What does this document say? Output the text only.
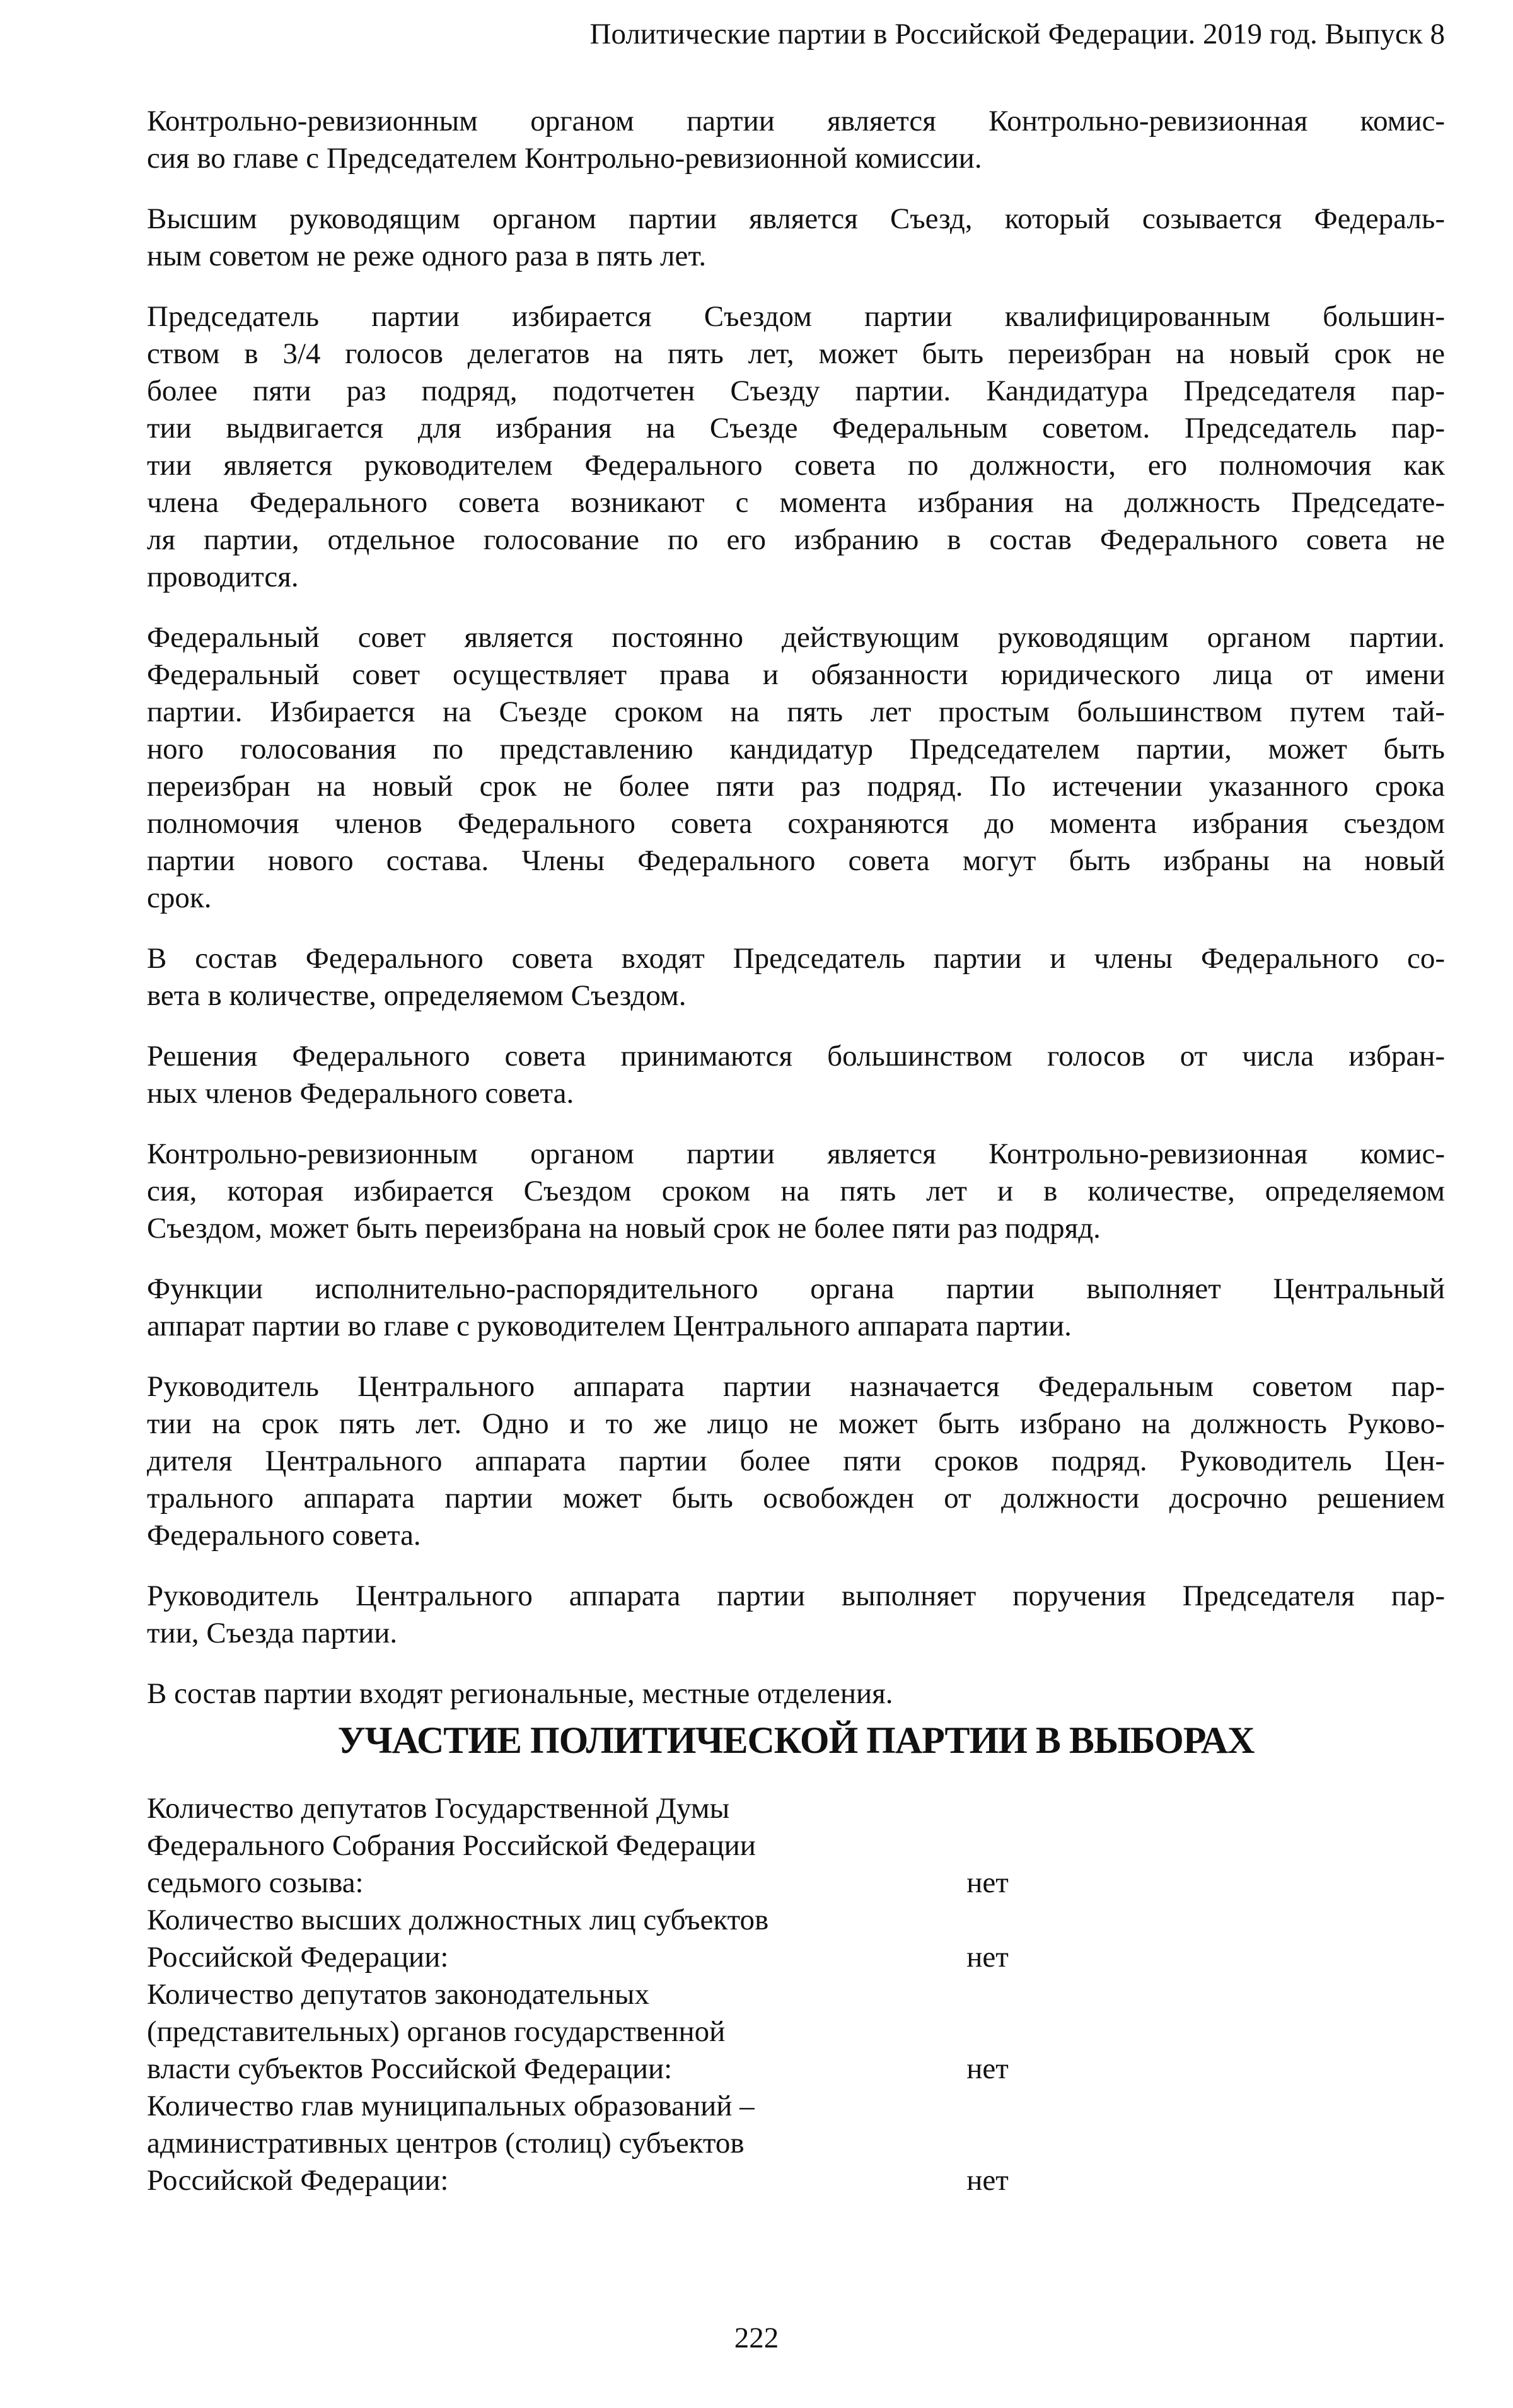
Политические партии в Российской Федерации. 2019 год. Выпуск 8

Контрольно-ревизионным органом партии является Контрольно-ревизионная комис-
сия во главе с Председателем Контрольно-ревизионной комиссии.

Высшим руководящим органом партии является Съезд, который созывается Федераль-
ным советом не реже одного раза в пять лет.

Председатель партии избирается Съездом партии квалифицированным большин-
ством в 3/4 голосов делегатов на пять лет, может быть переизбран на новый срок не
более пяти раз подряд, подотчетен Съезду партии. Кандидатура Председателя пар-
тии выдвигается для избрания на Съезде Федеральным советом. Председатель пар-
тии является руководителем Федерального совета по должности, его полномочия как
члена Федерального совета возникают с момента избрания на должность Председате-
ля партии, отдельное голосование по его избранию в состав Федерального совета не
проводится.

Федеральный совет является постоянно действующим руководящим органом партии.
Федеральный совет осуществляет права и обязанности юридического лица от имени
партии. Избирается на Съезде сроком на пять лет простым большинством путем тай-
ного голосования по представлению кандидатур Председателем партии, может быть
переизбран на новый срок не более пяти раз подряд. По истечении указанного срока
полномочия членов Федерального совета сохраняются до момента избрания съездом
партии нового состава. Члены Федерального совета могут быть избраны на новый
срок.

В состав Федерального совета входят Председатель партии и члены Федерального со-
вета в количестве, определяемом Съездом.

Решения Федерального совета принимаются большинством голосов от числа избран-
ных членов Федерального совета.

Контрольно-ревизионным органом партии является Контрольно-ревизионная комис-
сия, которая избирается Съездом сроком на пять лет и в количестве, определяемом
Съездом, может быть переизбрана на новый срок не более пяти раз подряд.

Функции исполнительно-распорядительного органа партии выполняет Центральный
аппарат партии во главе с руководителем Центрального аппарата партии.

Руководитель Центрального аппарата партии назначается Федеральным советом пар-
тии на срок пять лет. Одно и то же лицо не может быть избрано на должность Руково-
дителя Центрального аппарата партии более пяти сроков подряд. Руководитель Цен-
трального аппарата партии может быть освобожден от должности досрочно решением
Федерального совета.

Руководитель Центрального аппарата партии выполняет поручения Председателя пар-
тии, Съезда партии.

В состав партии входят региональные, местные отделения.

УЧАСТИЕ ПОЛИТИЧЕСКОЙ ПАРТИИ В ВЫБОРАХ
Количество депутатов Государственной Думы
Федерального Собрания Российской Федерации
седьмого созыва:	нет
Количество высших должностных лиц субъектов
Российской Федерации:	нет
Количество депутатов законодательных
(представительных) органов государственной
власти субъектов Российской Федерации:	нет
Количество глав муниципальных образований –
административных центров (столиц) субъектов
Российской Федерации:	нет
222
